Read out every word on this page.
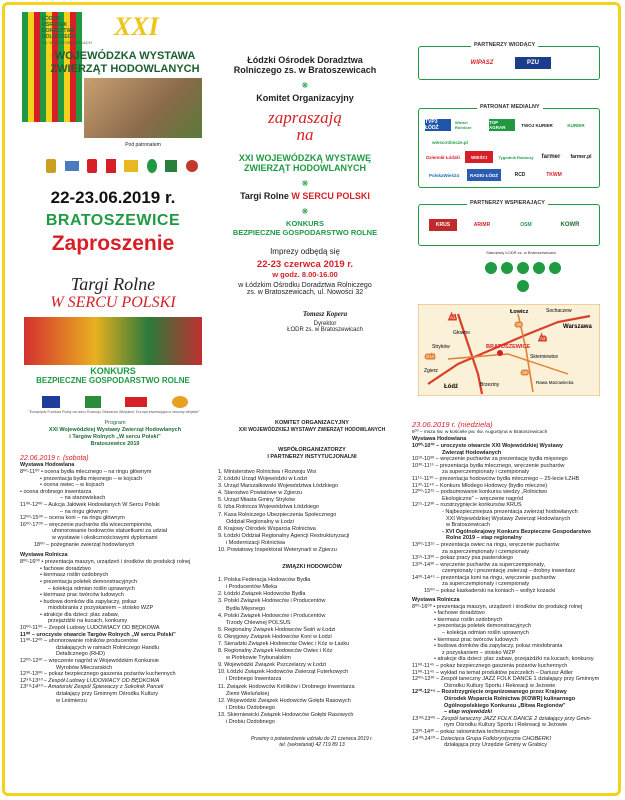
ŁÓDZKI
OŚRODEK
DORADZTWA
ROLNICZEGO
ZS. W BRATOSZEWICACH
XXI
WOJEWÓDZKA WYSTAWA
ZWIERZĄT HODOWLANYCH
Pod patronatem
22-23.06.2019 r.
BRATOSZEWICE
Zaproszenie
Targi Rolne
W SERCU POLSKI
KONKURS
BEZPIECZNE GOSPODARSTWO ROLNE
"Europejski Fundusz Rolny na rzecz Rozwoju Obszarów Wiejskich: Europa inwestująca w obszary wiejskie"
Łódzki Ośrodek Doradztwa
Rolniczego zs. w Bratoszewicach
❋
Komitet Organizacyjny
zapraszają
na
XXI WOJEWÓDZKĄ WYSTAWĘ
ZWIERZĄT HODOWLANYCH
❋
Targi Rolne W SERCU POLSKI
❋
KONKURS
BEZPIECZNE GOSPODARSTWO ROLNE
Imprezy odbędą się
22-23 czerwca 2019 r.
w godz. 8.00-16.00
w Łódzkim Ośrodku Doradztwa Rolniczego
zs. w Bratoszewicach, ul. Nowości 32
Tomasz Kopera
Dyrektor
ŁODR zs. w Bratoszewicach
PARTNERZY WIODĄCY
WIPASZ	PZU
PATRONAT MEDIALNY
TVP3 ŁÓDŹ
Wieści Rolnicze
TOP AGRAR	TWOJ KURIER	KURIER
wiescirolnicze.pl
Dziennik Łódzki	WIEŚCI	Tygodnik Rolniczy	farmer	farmer.pl
PolskaWieś24	RADIO ŁÓDŹ	RCD	TKWM
PARTNERZY WSPIERAJĄCY
KRUS	ARiMR	OSM	KOWR
Standardy ŁODR zs. w Bratoszewicach
Łowicz	Sochaczew
Warszawa
Głowno
Stryków	BRATOSZEWICE
Skierniewice
Zgierz
Łódź	Brzeziny	Rawa Mazowiecka
A1
A2
S8
S14
S8
Program
XXI Wojewódzkiej Wystawy Zwierząt Hodowlanych
i Targów Rolnych „W sercu Polski"
Bratoszewice 2019
22.06.2019 r. (sobota)
Wystawa Hodowlana
8⁰⁰-11⁰⁰ • ocena bydła mlecznego – na ringu głównym
• prezentacja bydła mięsnego – w kojcach
• ocena owiec – w kojcach
• ocena drobnego inwentarza
– na stanowiskach
11⁰⁰-12⁰⁰ – Aukcja Jałówek Hodowlanych W Sercu Polski
– na ringu głównym
12⁰⁰-15⁰⁰ – ocena koni – na ringu głównym
16⁰⁰-17⁰⁰ – wręczenie pucharów dla wiceczempionów,
uhonorowanie hodowców statuetkami za udział
w wystawie i okolicznościowymi dyplomami
18⁰⁰ – pożegnanie zwierząt hodowlanych
Wystawa Rolnicza
8⁰⁰-16⁰⁰ • prezentacja maszyn, urządzeń i środków do produkcji rolnej
• fachowe doradztwo
• kiermasz roślin ozdobnych
• prezentacja poletek demonstracyjnych
– kolekcja odmian roślin uprawnych
• kiermasz prac twórców ludowych
• budowa domków dla zapylaczy, pokaz
miodobrania z pozyskaniem – stoisko WZP
• atrakcje dla dzieci: plac zabaw,
przejażdżki na kucach, konkursy
10⁰⁰-11⁰⁰ – Zespół Ludowy LUDOWIACY OD BĘDKOWA
11⁰⁰ – uroczyste otwarcie Targów Rolnych „W sercu Polski"
11⁰⁰-12⁰⁰ – uhonorowanie rolników producentów
działających w ramach Rolniczego Handlu
Detalicznego (RHD)
12⁰⁰-12³⁰ – wręczenie nagród w Wojewódzkim Konkursie
Wyrobów Mleczarskich
12³⁰-13⁰⁰ – pokaz bezpiecznego gaszenia pożarów kuchennych
12³⁰-13³⁰ – Zespół Ludowy LUDOWIACY OD BĘDKOWA
13³⁰-14³⁰ – Amatorski Zespół Śpiewaczy z Sokolnik Parceli
działający przy Gminnym Ośrodku Kultury
w Leśmierzu
KOMITET ORGANIZACYJNY
XXI WOJEWÓDZKIEJ WYSTAWY ZWIERZĄT HODOWLANYCH
WSPÓŁORGANIZATORZY
I PARTNERZY INSTYTUCJONALNI
1. Ministerstwo Rolnictwa i Rozwoju Wsi
2. Łódzki Urząd Wojewódzki w Łodzi
3. Urząd Marszałkowski Województwa Łódzkiego
4. Starostwo Powiatowe w Zgierzu
5. Urząd Miasta Gminy Stryków
6. Izba Rolnicza Województwa Łódzkiego
7. Kasa Rolniczego Ubezpieczenia Społecznego
Oddział Regionalny w Łodzi
8. Krajowy Ośrodek Wsparcia Rolnictwa
9. Łódzki Oddział Regionalny Agencji Restrukturyzacji
i Modernizacji Rolnictwa
10. Powiatowy Inspektorat Weterynarii w Zgierzu
ZWIĄZKI HODOWCÓW
1. Polska Federacja Hodowców Bydła
i Producentów Mleka
2. Łódzki Związek Hodowców Bydła
3. Polski Związek Hodowców i Producentów
Bydła Mięsnego
4. Polski Związek Hodowców i Producentów
Trzody Chlewnej POLSUS
5. Regionalny Związek Hodowców Świń w Łodzi
6. Okręgowy Związek Hodowców Koni w Łodzi
7. Sieradzki Związek Hodowców Owiec i Kóz w Łasku
8. Regionalny Związek Hodowców Owiec i Kóz
w Piotrkowie Trybunalskim
9. Wojewódzki Związek Pszczelarzy w Łodzi
10. Łódzki Związek Hodowców Zwierząt Futerkowych
i Drobnego Inwentarza
11. Związek Hodowców Królików i Drobnego Inwentarza
Ziemi Wieluńskiej
12. Wojewódzki Związek Hodowców Gołębi Rasowych
i Drobiu Ozdobnego
13. Skierniewicki Związek Hodowców Gołębi Rasowych
i Drobiu Ozdobnego
Prosimy o potwierdzenie udziału do 21 czerwca 2019 r.
tel. (sekretariat) 42 719 89 13
23.06.2019 r. (niedziela)
9⁰⁰ – msza św. w kościele pw. św. Augustyna w Bratoszewicach
Wystawa Hodowlana
10⁰⁰-10¹⁰ – uroczyste otwarcie XXI Wojewódzkiej Wystawy
Zwierząt Hodowlanych
10¹⁰-10³⁰ – wręczenie pucharów za prezentację bydła mięsnego
10³⁰-11¹⁵ – prezentacja bydła mlecznego, wręczenie pucharów
za superczempionaty i czempionaty
11¹⁵-11³⁰ – prezentacja hodowców bydła mlecznego – 25-lecie ŁZHB
11³⁰-11⁴⁰ – Konkurs Młodego Hodowcy (bydło mleczne)
12⁰⁰-12¹⁵ – podsumowanie konkursu wiedzy „Rolnictwo
Ekologiczne" – wręczenie nagród
12¹⁵-12³⁰ – rozstrzygnięcie konkursów KRUS
- Najbezpieczniejsza prezentacja zwierząt hodowlanych
XXI Wojewódzkiej Wystawy Zwierząt Hodowlanych
w Bratoszewicach
- XVI Ogólnokrajowy Konkurs Bezpieczne Gospodarstwo
Rolne 2019 – etap regionalny
13⁰⁰-13¹⁵ – prezentacja owiec na ringu, wręczenie pucharów
za superczempionaty i czempionaty
13¹⁵-13³⁰ – pokaz pracy psa pasterskiego
13³⁰-14³⁰ – wręczenie pucharów za superczempionaty,
czempionaty i prezentację zwierząt – drobny inwentarz
14³⁰-14⁴⁵ – prezentacja koni na ringu, wręczenie pucharów
za superczempionaty i czempionaty
15⁰⁰ – pokaz kaskaderski na koniach – woltyż kozacki
Wystawa Rolnicza
8⁰⁰-16⁰⁰ • prezentacja maszyn, urządzeń i środków do produkcji rolnej
• fachowe doradztwo
• kiermasz roślin ozdobnych
• prezentacja poletek demonstracyjnych
– kolekcja odmian roślin uprawnych
• kiermasz prac twórców ludowych
• budowa domków dla zapylaczy, pokaz miodobrania
z pozyskaniem – stoisko WZP
• atrakcje dla dzieci: plac zabaw, przejażdżki na kucach, konkursy
11⁰⁰-11⁴⁵ – pokaz bezpiecznego gaszenia pożarów kuchennych
11⁰⁰-11⁴⁵ – wykład na temat produktów pszczelich – Dariusz Adler
12⁰⁰-12³⁰ – Zespół taneczny JAZZ FOLK DANCE 1 działający przy Gminnym
Ośrodku Kultury Sportu i Rekreacji w Jeżowie
12³⁰-12⁴⁵ – Rozstrzygnięcie organizowanego przez Krajowy
Ośrodek Wsparcia Rolnictwa (KOWR) kulinarnego
Ogólnopolskiego Konkursu „Bitwa Regionów"
– etap wojewódzki
13⁰⁰-13⁴⁵ – Zespół taneczny JAZZ FOLK DANCE 2 działający przy Gmin-
nym Ośrodku Kultury Sportu i Rekreacji w Jeżowie
13³⁰-14³⁰ – pokaz ratownictwa technicznego
14⁰⁰-14³⁰ – Dziecięca Grupa Folklorystyczna CHOBERKI
działająca przy Urzędzie Gminy w Grabicy
